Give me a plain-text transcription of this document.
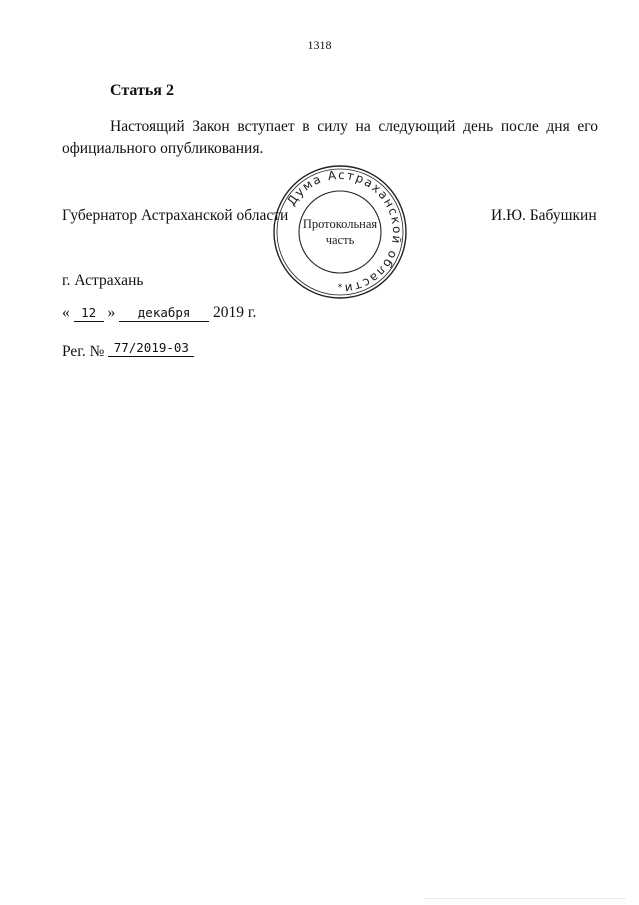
1318
Статья 2
Настоящий Закон вступает в силу на следующий день после дня его
официального опубликования.
Губернатор Астраханской области	И.Ю. Бабушкин
Дума Астраханской области
Протокольная
часть
*
г. Астрахань
« 12 » декабря 2019 г.
Рег. № 77/2019-03
